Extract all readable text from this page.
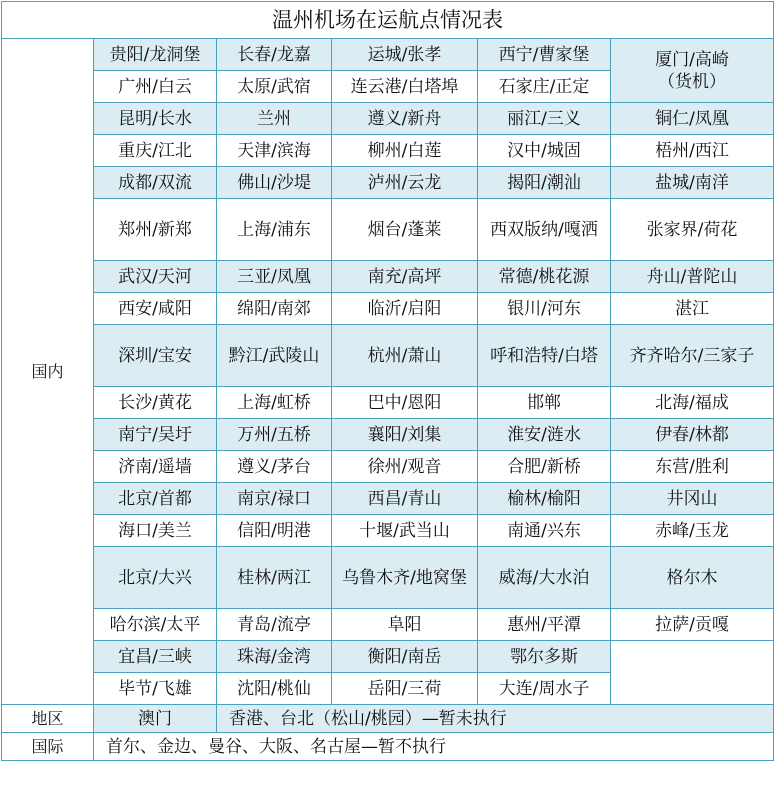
温州机场在运航点情况表					
国内	贵阳/龙洞堡	长春/龙嘉	运城/张孝	西宁/曹家堡	厦门/高崎
（货机）

	广州/白云	太原/武宿	连云港/白塔埠	石家庄/正定	
	昆明/长水	兰州	遵义/新舟	丽江/三义	铜仁/凤凰
	重庆/江北	天津/滨海	柳州/白莲	汉中/城固	梧州/西江
	成都/双流	佛山/沙堤	泸州/云龙	揭阳/潮汕	盐城/南洋
	郑州/新郑	上海/浦东	烟台/蓬莱	西双版纳/嘎洒	张家界/荷花
	武汉/天河	三亚/凤凰	南充/高坪	常德/桃花源	舟山/普陀山
	西安/咸阳	绵阳/南郊	临沂/启阳	银川/河东	湛江
	深圳/宝安	黔江/武陵山	杭州/萧山	呼和浩特/白塔	齐齐哈尔/三家子
	长沙/黄花	上海/虹桥	巴中/恩阳	邯郸	北海/福成
	南宁/吴圩	万州/五桥	襄阳/刘集	淮安/涟水	伊春/林都
	济南/遥墙	遵义/茅台	徐州/观音	合肥/新桥	东营/胜利
	北京/首都	南京/禄口	西昌/青山	榆林/榆阳	井冈山
	海口/美兰	信阳/明港	十堰/武当山	南通/兴东	赤峰/玉龙
	北京/大兴	桂林/两江	乌鲁木齐/地窝堡	威海/大水泊	格尔木
	哈尔滨/太平	青岛/流亭	阜阳	惠州/平潭	拉萨/贡嘎
	宜昌/三峡	珠海/金湾	衡阳/南岳	鄂尔多斯	
	毕节/飞雄	沈阳/桃仙	岳阳/三荷	大连/周水子	
地区	澳门	香港、台北（松山/桃园）—暂未执行			
国际	首尔、金边、曼谷、大阪、名古屋—暂不执行				
